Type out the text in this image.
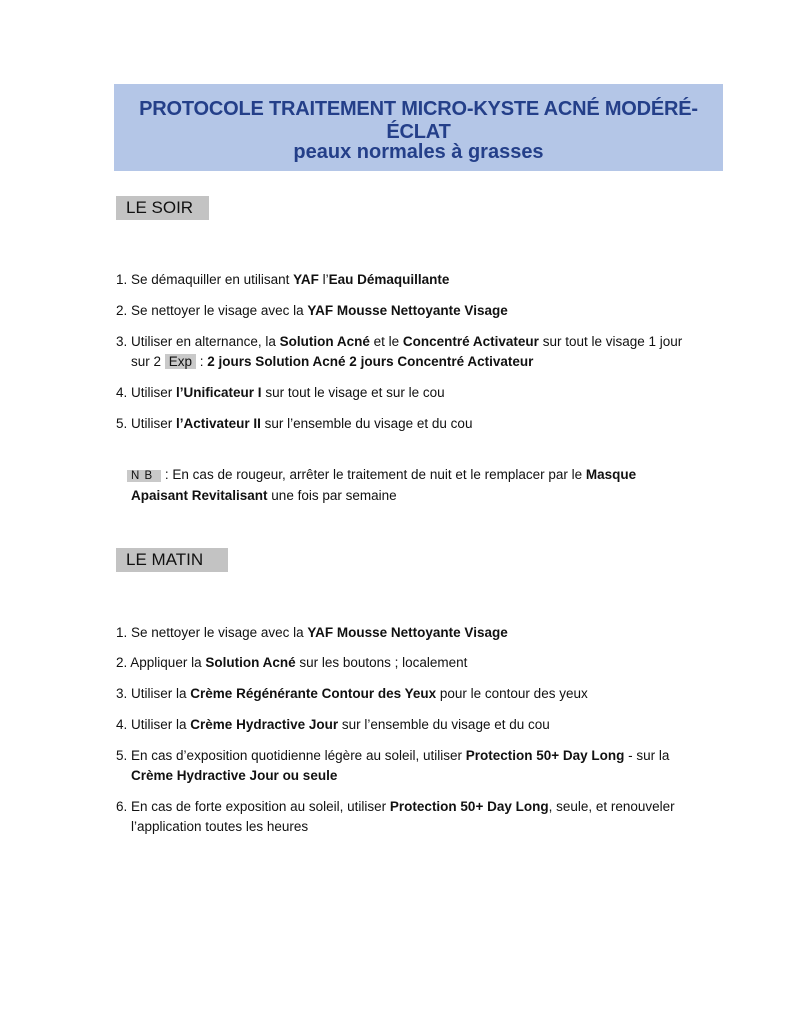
PROTOCOLE TRAITEMENT MICRO-KYSTE ACNÉ MODÉRÉ-ÉCLAT
peaux normales à grasses
LE SOIR
1. Se démaquiller en utilisant YAF l’Eau Démaquillante
2. Se nettoyer le visage avec la YAF Mousse Nettoyante Visage
3. Utiliser en alternance, la Solution Acné et le Concentré Activateur sur tout le visage 1 jour
sur 2 Exp : 2 jours Solution Acné 2 jours Concentré Activateur
4. Utiliser l’Unificateur I sur tout le visage et sur le cou
5. Utiliser l’Activateur II sur l’ensemble du visage et du cou
N B : En cas de rougeur, arrêter le traitement de nuit et le remplacer par le Masque
Apaisant Revitalisant une fois par semaine
LE MATIN
1. Se nettoyer le visage avec la YAF Mousse Nettoyante Visage
2. Appliquer la Solution Acné sur les boutons ; localement
3. Utiliser la Crème Régénérante Contour des Yeux pour le contour des yeux
4. Utiliser la Crème Hydractive Jour sur l’ensemble du visage et du cou
5. En cas d’exposition quotidienne légère au soleil, utiliser Protection 50+ Day Long - sur la
Crème Hydractive Jour ou seule
6. En cas de forte exposition au soleil, utiliser Protection 50+ Day Long, seule, et renouveler
l’application toutes les heures
